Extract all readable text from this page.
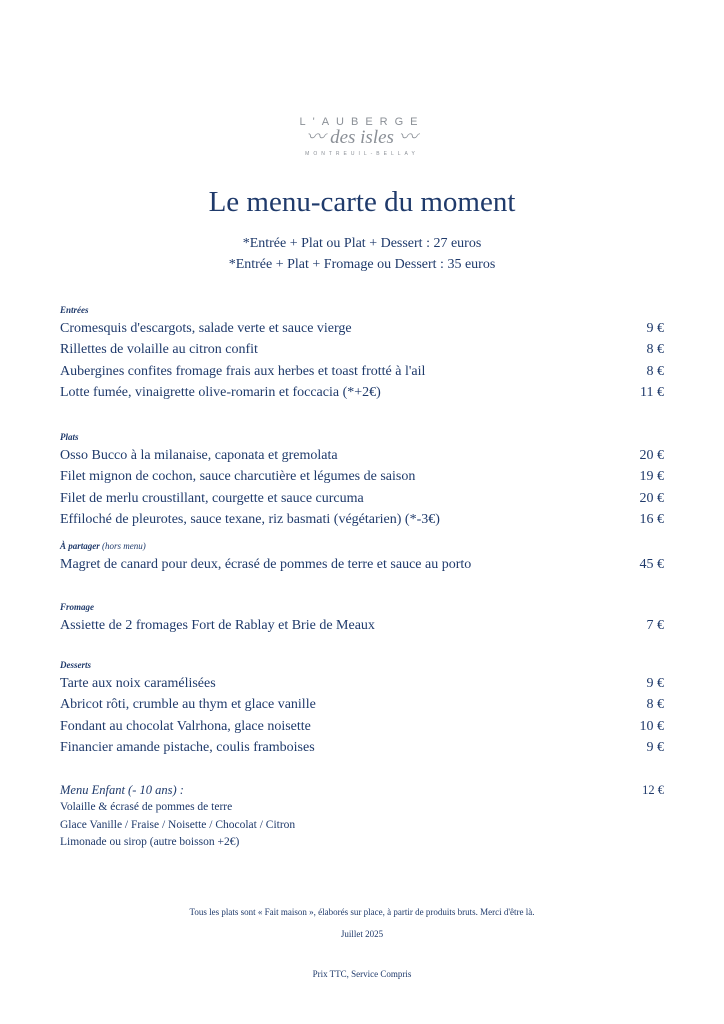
L'AUBERGE
〰 des isles 〰
MONTREUIL-BELLAY
Le menu-carte du moment
*Entrée + Plat ou Plat + Dessert : 27 euros
*Entrée + Plat + Fromage ou Dessert : 35 euros
Entrées
Cromesquis d'escargots, salade verte et sauce vierge	9 €
Rillettes de volaille au citron confit	8 €
Aubergines confites fromage frais aux herbes et toast frotté à l'ail	8 €
Lotte fumée, vinaigrette olive-romarin et foccacia (*+2€)	11 €
Plats
Osso Bucco à la milanaise, caponata et gremolata	20 €
Filet mignon de cochon, sauce charcutière et légumes de saison	19 €
Filet de merlu croustillant, courgette et sauce curcuma	20 €
Effiloché de pleurotes, sauce texane, riz basmati (végétarien) (*-3€)	16 €
À partager (hors menu)
Magret de canard pour deux, écrasé de pommes de terre et sauce au porto	45 €
Fromage
Assiette de 2 fromages Fort de Rablay et Brie de Meaux	7 €
Desserts
Tarte aux noix caramélisées	9 €
Abricot rôti, crumble au thym et glace vanille	8 €
Fondant au chocolat Valrhona, glace noisette	10 €
Financier amande pistache, coulis framboises	9 €
Menu Enfant (- 10 ans) :	12 €
Volaille & écrasé de pommes de terre
Glace Vanille / Fraise / Noisette / Chocolat / Citron
Limonade ou sirop (autre boisson +2€)
Tous les plats sont « Fait maison », élaborés sur place, à partir de produits bruts. Merci d'être là.
Juillet 2025
Prix TTC, Service Compris
